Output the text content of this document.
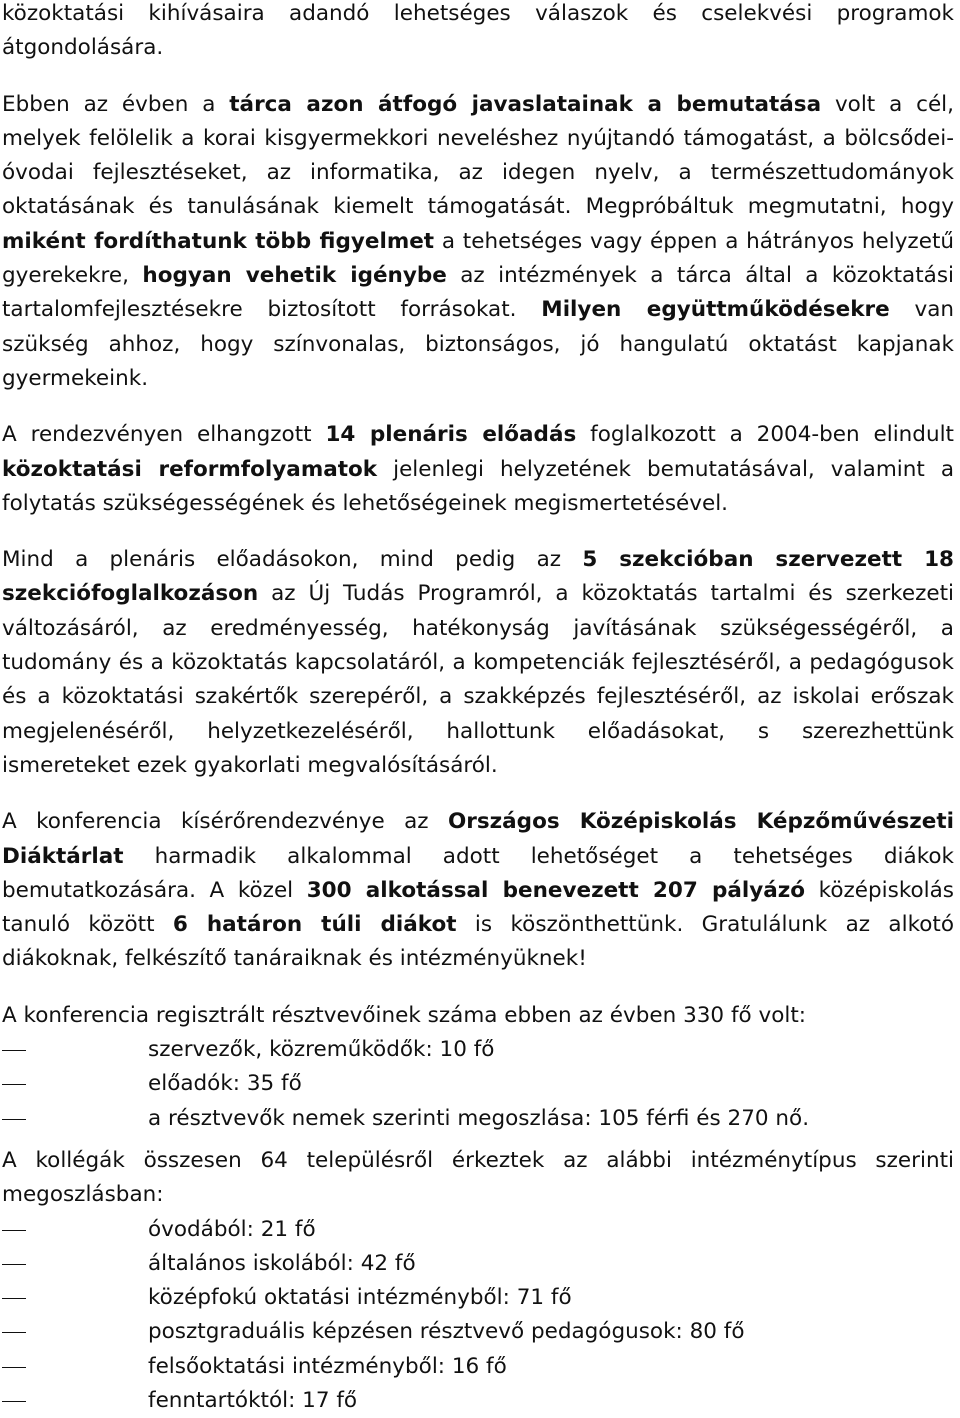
közoktatási kihívásaira adandó lehetséges válaszok és cselekvési programok átgondolására.

Ebben az évben a tárca azon átfogó javaslatainak a bemutatása volt a cél, melyek felölelik a korai kisgyermekkori neveléshez nyújtandó támogatást, a bölcsődei-óvodai fejlesztéseket, az informatika, az idegen nyelv, a természettudományok oktatásának és tanulásának kiemelt támogatását. Megpróbáltuk megmutatni, hogy miként fordíthatunk több figyelmet a tehetséges vagy éppen a hátrányos helyzetű gyerekekre, hogyan vehetik igénybe az intézmények a tárca által a közoktatási tartalomfejlesztésekre biztosított forrásokat. Milyen együttműködésekre van szükség ahhoz, hogy színvonalas, biztonságos, jó hangulatú oktatást kapjanak gyermekeink.

A rendezvényen elhangzott 14 plenáris előadás foglalkozott a 2004-ben elindult közoktatási reformfolyamatok jelenlegi helyzetének bemutatásával, valamint a folytatás szükségességének és lehetőségeinek megismertetésével.

Mind a plenáris előadásokon, mind pedig az 5 szekcióban szervezett 18 szekciófoglalkozáson az Új Tudás Programról, a közoktatás tartalmi és szerkezeti változásáról, az eredményesség, hatékonyság javításának szükségességéről, a tudomány és a közoktatás kapcsolatáról, a kompetenciák fejlesztéséről, a pedagógusok és a közoktatási szakértők szerepéről, a szakképzés fejlesztéséről, az iskolai erőszak megjelenéséről, helyzetkezeléséről, hallottunk előadásokat, s szerezhettünk ismereteket ezek gyakorlati megvalósításáról.

A konferencia kísérőrendezvénye az Országos Középiskolás Képzőművészeti Diáktárlat harmadik alkalommal adott lehetőséget a tehetséges diákok bemutatkozására. A közel 300 alkotással benevezett 207 pályázó középiskolás tanuló között 6 határon túli diákot is köszönthettünk. Gratulálunk az alkotó diákoknak, felkészítő tanáraiknak és intézményüknek!

A konferencia regisztrált résztvevőinek száma ebben az évben 330 fő volt:

szervezők, közreműködők: 10 fő
előadók: 35 fő
a résztvevők nemek szerinti megoszlása: 105 férfi és 270 nő.

A kollégák összesen 64 településről érkeztek az alábbi intézménytípus szerinti megoszlásban:

óvodából: 21 fő
általános iskolából: 42 fő
középfokú oktatási intézményből: 71 fő
posztgraduális képzésen résztvevő pedagógusok: 80 fő
felsőoktatási intézményből: 16 fő
fenntartóktól: 17 fő
